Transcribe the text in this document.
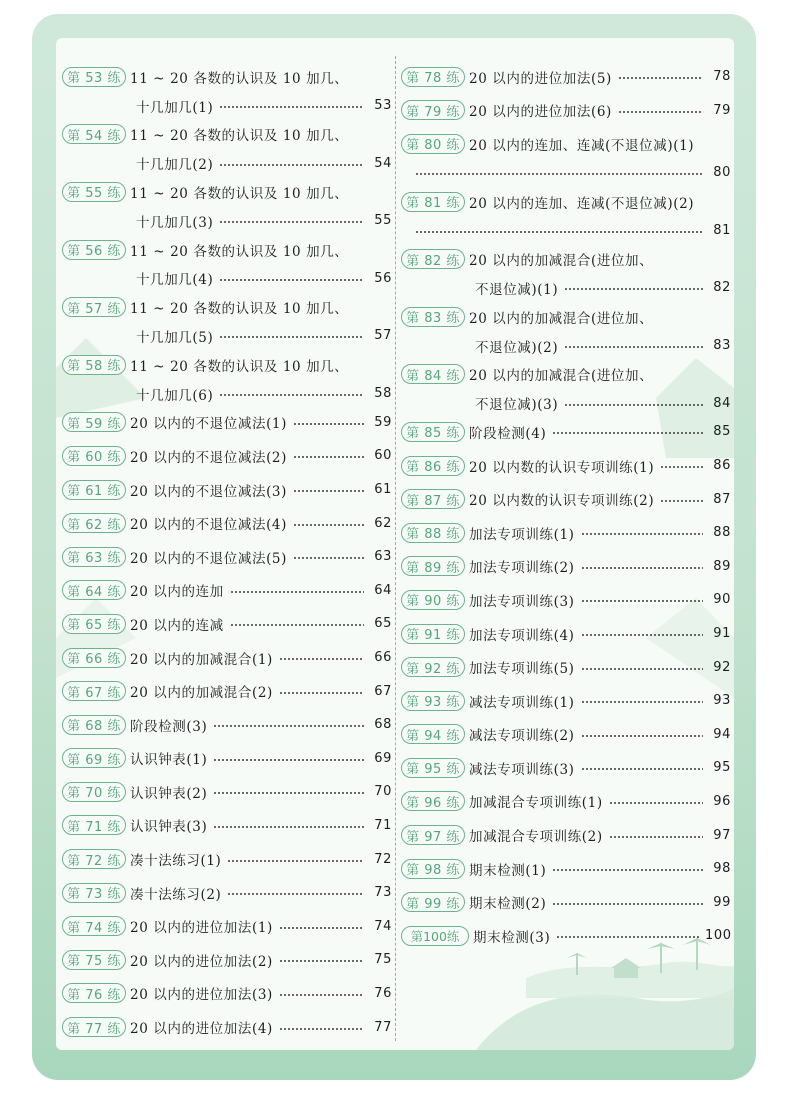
第 53 练 11 ~ 20 各数的认识及 10 加几、
十几加几(1)	53
第 54 练 11 ~ 20 各数的认识及 10 加几、
十几加几(2)	54
第 55 练 11 ~ 20 各数的认识及 10 加几、
十几加几(3)	55
第 56 练 11 ~ 20 各数的认识及 10 加几、
十几加几(4)	56
第 57 练 11 ~ 20 各数的认识及 10 加几、
十几加几(5)	57
第 58 练 11 ~ 20 各数的认识及 10 加几、
十几加几(6)	58
第 59 练 20 以内的不退位减法(1)	59
第 60 练 20 以内的不退位减法(2)	60
第 61 练 20 以内的不退位减法(3)	61
第 62 练 20 以内的不退位减法(4)	62
第 63 练 20 以内的不退位减法(5)	63
第 64 练 20 以内的连加	64
第 65 练 20 以内的连减	65
第 66 练 20 以内的加减混合(1)	66
第 67 练 20 以内的加减混合(2)	67
第 68 练 阶段检测(3)	68
第 69 练 认识钟表(1)	69
第 70 练 认识钟表(2)	70
第 71 练 认识钟表(3)	71
第 72 练 凑十法练习(1)	72
第 73 练 凑十法练习(2)	73
第 74 练 20 以内的进位加法(1)	74
第 75 练 20 以内的进位加法(2)	75
第 76 练 20 以内的进位加法(3)	76
第 77 练 20 以内的进位加法(4)	77
第 78 练 20 以内的进位加法(5)	78
第 79 练 20 以内的进位加法(6)	79
第 80 练 20 以内的连加、连减(不退位减)(1)
80
第 81 练 20 以内的连加、连减(不退位减)(2)
81
第 82 练 20 以内的加减混合(进位加、
不退位减)(1)	82
第 83 练 20 以内的加减混合(进位加、
不退位减)(2)	83
第 84 练 20 以内的加减混合(进位加、
不退位减)(3)	84
第 85 练 阶段检测(4)	85
第 86 练 20 以内数的认识专项训练(1)	86
第 87 练 20 以内数的认识专项训练(2)	87
第 88 练 加法专项训练(1)	88
第 89 练 加法专项训练(2)	89
第 90 练 加法专项训练(3)	90
第 91 练 加法专项训练(4)	91
第 92 练 加法专项训练(5)	92
第 93 练 减法专项训练(1)	93
第 94 练 减法专项训练(2)	94
第 95 练 减法专项训练(3)	95
第 96 练 加减混合专项训练(1)	96
第 97 练 加减混合专项训练(2)	97
第 98 练 期末检测(1)	98
第 99 练 期末检测(2)	99
第100练	期末检测(3)	100
